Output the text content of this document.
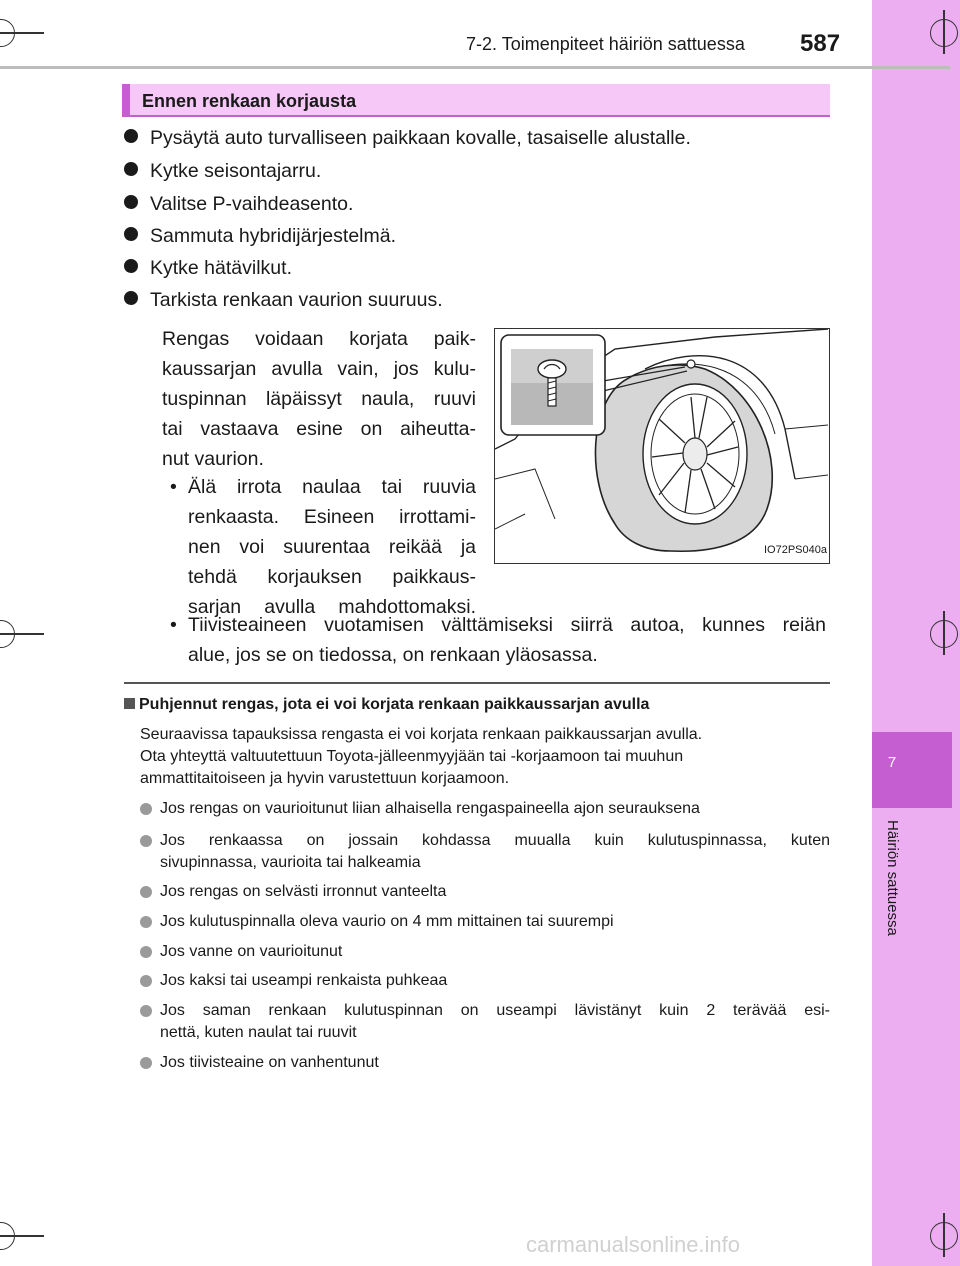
7
Häiriön sattuessa
7-2. Toimenpiteet häiriön sattuessa 587
Ennen renkaan korjausta
Pysäytä auto turvalliseen paikkaan kovalle, tasaiselle alustalle.
Kytke seisontajarru.
Valitse P-vaihdeasento.
Sammuta hybridijärjestelmä.
Kytke hätävilkut.
Tarkista renkaan vaurion suuruus.
Rengas voidaan korjata paik-
kaussarjan avulla vain, jos kulu-
tuspinnan läpäissyt naula, ruuvi
tai vastaava esine on aiheutta-
nut vaurion.
• Älä irrota naulaa tai ruuvia
renkaasta. Esineen irrottami-
nen voi suurentaa reikää ja
tehdä korjauksen paikkaus-
sarjan avulla mahdottomaksi.
• Tiivisteaineen vuotamisen välttämiseksi siirrä autoa, kunnes reiän
alue, jos se on tiedossa, on renkaan yläosassa.
IO72PS040a
Puhjennut rengas, jota ei voi korjata renkaan paikkaussarjan avulla
Seuraavissa tapauksissa rengasta ei voi korjata renkaan paikkaussarjan avulla.
Ota yhteyttä valtuutettuun Toyota-jälleenmyyjään tai -korjaamoon tai muuhun
ammattitaitoiseen ja hyvin varustettuun korjaamoon.
Jos rengas on vaurioitunut liian alhaisella rengaspaineella ajon seurauksena
Jos renkaassa on jossain kohdassa muualla kuin kulutuspinnassa, kuten
sivupinnassa, vaurioita tai halkeamia
Jos rengas on selvästi irronnut vanteelta
Jos kulutuspinnalla oleva vaurio on 4 mm mittainen tai suurempi
Jos vanne on vaurioitunut
Jos kaksi tai useampi renkaista puhkeaa
Jos saman renkaan kulutuspinnan on useampi lävistänyt kuin 2 terävää esi-
nettä, kuten naulat tai ruuvit
Jos tiivisteaine on vanhentunut
carmanualsonline.info
